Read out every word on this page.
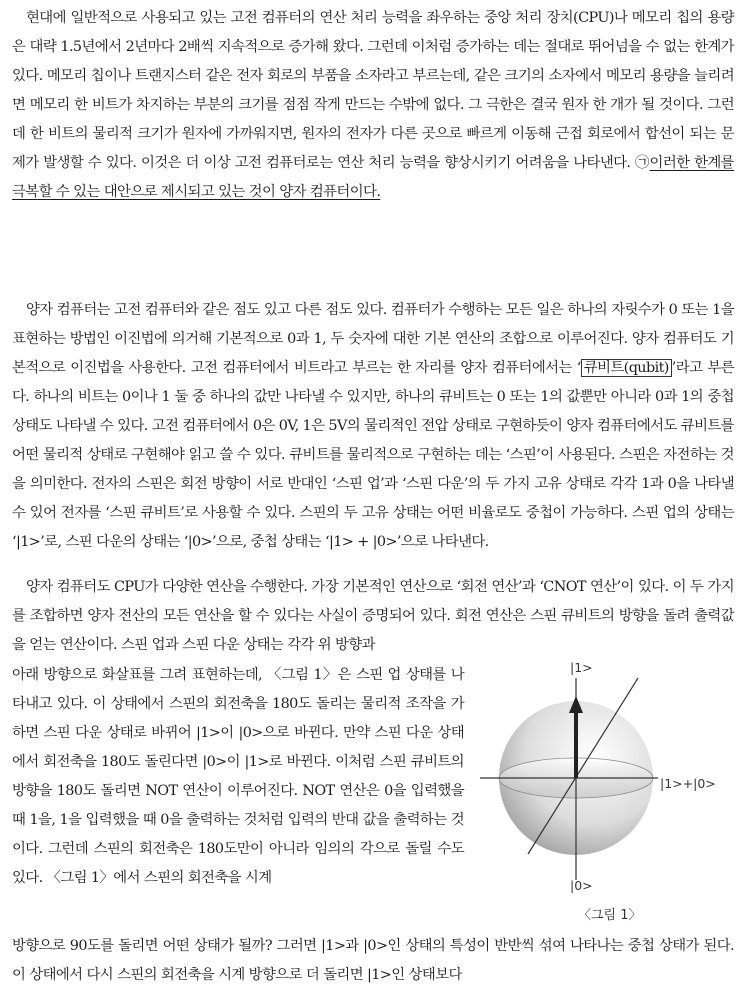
현대에 일반적으로 사용되고 있는 고전 컴퓨터의 연산 처리 능력을 좌우하는 중앙 처리 장치(CPU)나 메모리 칩의 용량은 대략 1.5년에서 2년마다 2배씩 지속적으로 증가해 왔다. 그런데 이처럼 증가하는 데는 절대로 뛰어넘을 수 없는 한계가 있다. 메모리 칩이나 트랜지스터 같은 전자 회로의 부품을 소자라고 부르는데, 같은 크기의 소자에서 메모리 용량을 늘리려면 메모리 한 비트가 차지하는 부분의 크기를 점점 작게 만드는 수밖에 없다. 그 극한은 결국 원자 한 개가 될 것이다. 그런데 한 비트의 물리적 크기가 원자에 가까워지면, 원자의 전자가 다른 곳으로 빠르게 이동해 근접 회로에서 합선이 되는 문제가 발생할 수 있다. 이것은 더 이상 고전 컴퓨터로는 연산 처리 능력을 향상시키기 어려움을 나타낸다. ㉠이러한 한계를 극복할 수 있는 대안으로 제시되고 있는 것이 양자 컴퓨터이다.
양자 컴퓨터는 고전 컴퓨터와 같은 점도 있고 다른 점도 있다. 컴퓨터가 수행하는 모든 일은 하나의 자릿수가 0 또는 1을 표현하는 방법인 이진법에 의거해 기본적으로 0과 1, 두 숫자에 대한 기본 연산의 조합으로 이루어진다. 양자 컴퓨터도 기본적으로 이진법을 사용한다. 고전 컴퓨터에서 비트라고 부르는 한 자리를 양자 컴퓨터에서는 ‘ 큐비트(qubit) ’라고 부른다. 하나의 비트는 0이나 1 둘 중 하나의 값만 나타낼 수 있지만, 하나의 큐비트는 0 또는 1의 값뿐만 아니라 0과 1의 중첩 상태도 나타낼 수 있다. 고전 컴퓨터에서 0은 0V, 1은 5V의 물리적인 전압 상태로 구현하듯이 양자 컴퓨터에서도 큐비트를 어떤 물리적 상태로 구현해야 읽고 쓸 수 있다. 큐비트를 물리적으로 구현하는 데는 ‘스핀’이 사용된다. 스핀은 자전하는 것을 의미한다. 전자의 스핀은 회전 방향이 서로 반대인 ‘스핀 업’과 ‘스핀 다운’의 두 가지 고유 상태로 각각 1과 0을 나타낼 수 있어 전자를 ‘스핀 큐비트’로 사용할 수 있다. 스핀의 두 고유 상태는 어떤 비율로도 중첩이 가능하다. 스핀 업의 상태는 ‘|1>’로, 스핀 다운의 상태는 ‘|0>’으로, 중첩 상태는 ‘|1> + |0>’으로 나타낸다.
양자 컴퓨터도 CPU가 다양한 연산을 수행한다. 가장 기본적인 연산으로 ‘회전 연산’과 ‘CNOT 연산’이 있다. 이 두 가지를 조합하면 양자 전산의 모든 연산을 할 수 있다는 사실이 증명되어 있다. 회전 연산은 스핀 큐비트의 방향을 돌려 출력값을 얻는 연산이다. 스핀 업과 스핀 다운 상태는 각각 위 방향과
아래 방향으로 화살표를 그려 표현하는데, 〈그림 1〉은 스핀 업 상태를 나타내고 있다. 이 상태에서 스핀의 회전축을 180도 돌리는 물리적 조작을 가하면 스핀 다운 상태로 바뀌어 |1>이 |0>으로 바뀐다. 만약 스핀 다운 상태에서 회전축을 180도 돌린다면 |0>이 |1>로 바뀐다. 이처럼 스핀 큐비트의 방향을 180도 돌리면 NOT 연산이 이루어진다. NOT 연산은 0을 입력했을 때 1을, 1을 입력했을 때 0을 출력하는 것처럼 입력의 반대 값을 출력하는 것이다. 그런데 스핀의 회전축은 180도만이 아니라 임의의 각으로 돌릴 수도 있다. 〈그림 1〉에서 스핀의 회전축을 시계
|1>
|1>+|0>
|0>
〈그림 1〉
방향으로 90도를 돌리면 어떤 상태가 될까? 그러면 |1>과 |0>인 상태의 특성이 반반씩 섞여 나타나는 중첩 상태가 된다. 이 상태에서 다시 스핀의 회전축을 시계 방향으로 더 돌리면 |1>인 상태보다
